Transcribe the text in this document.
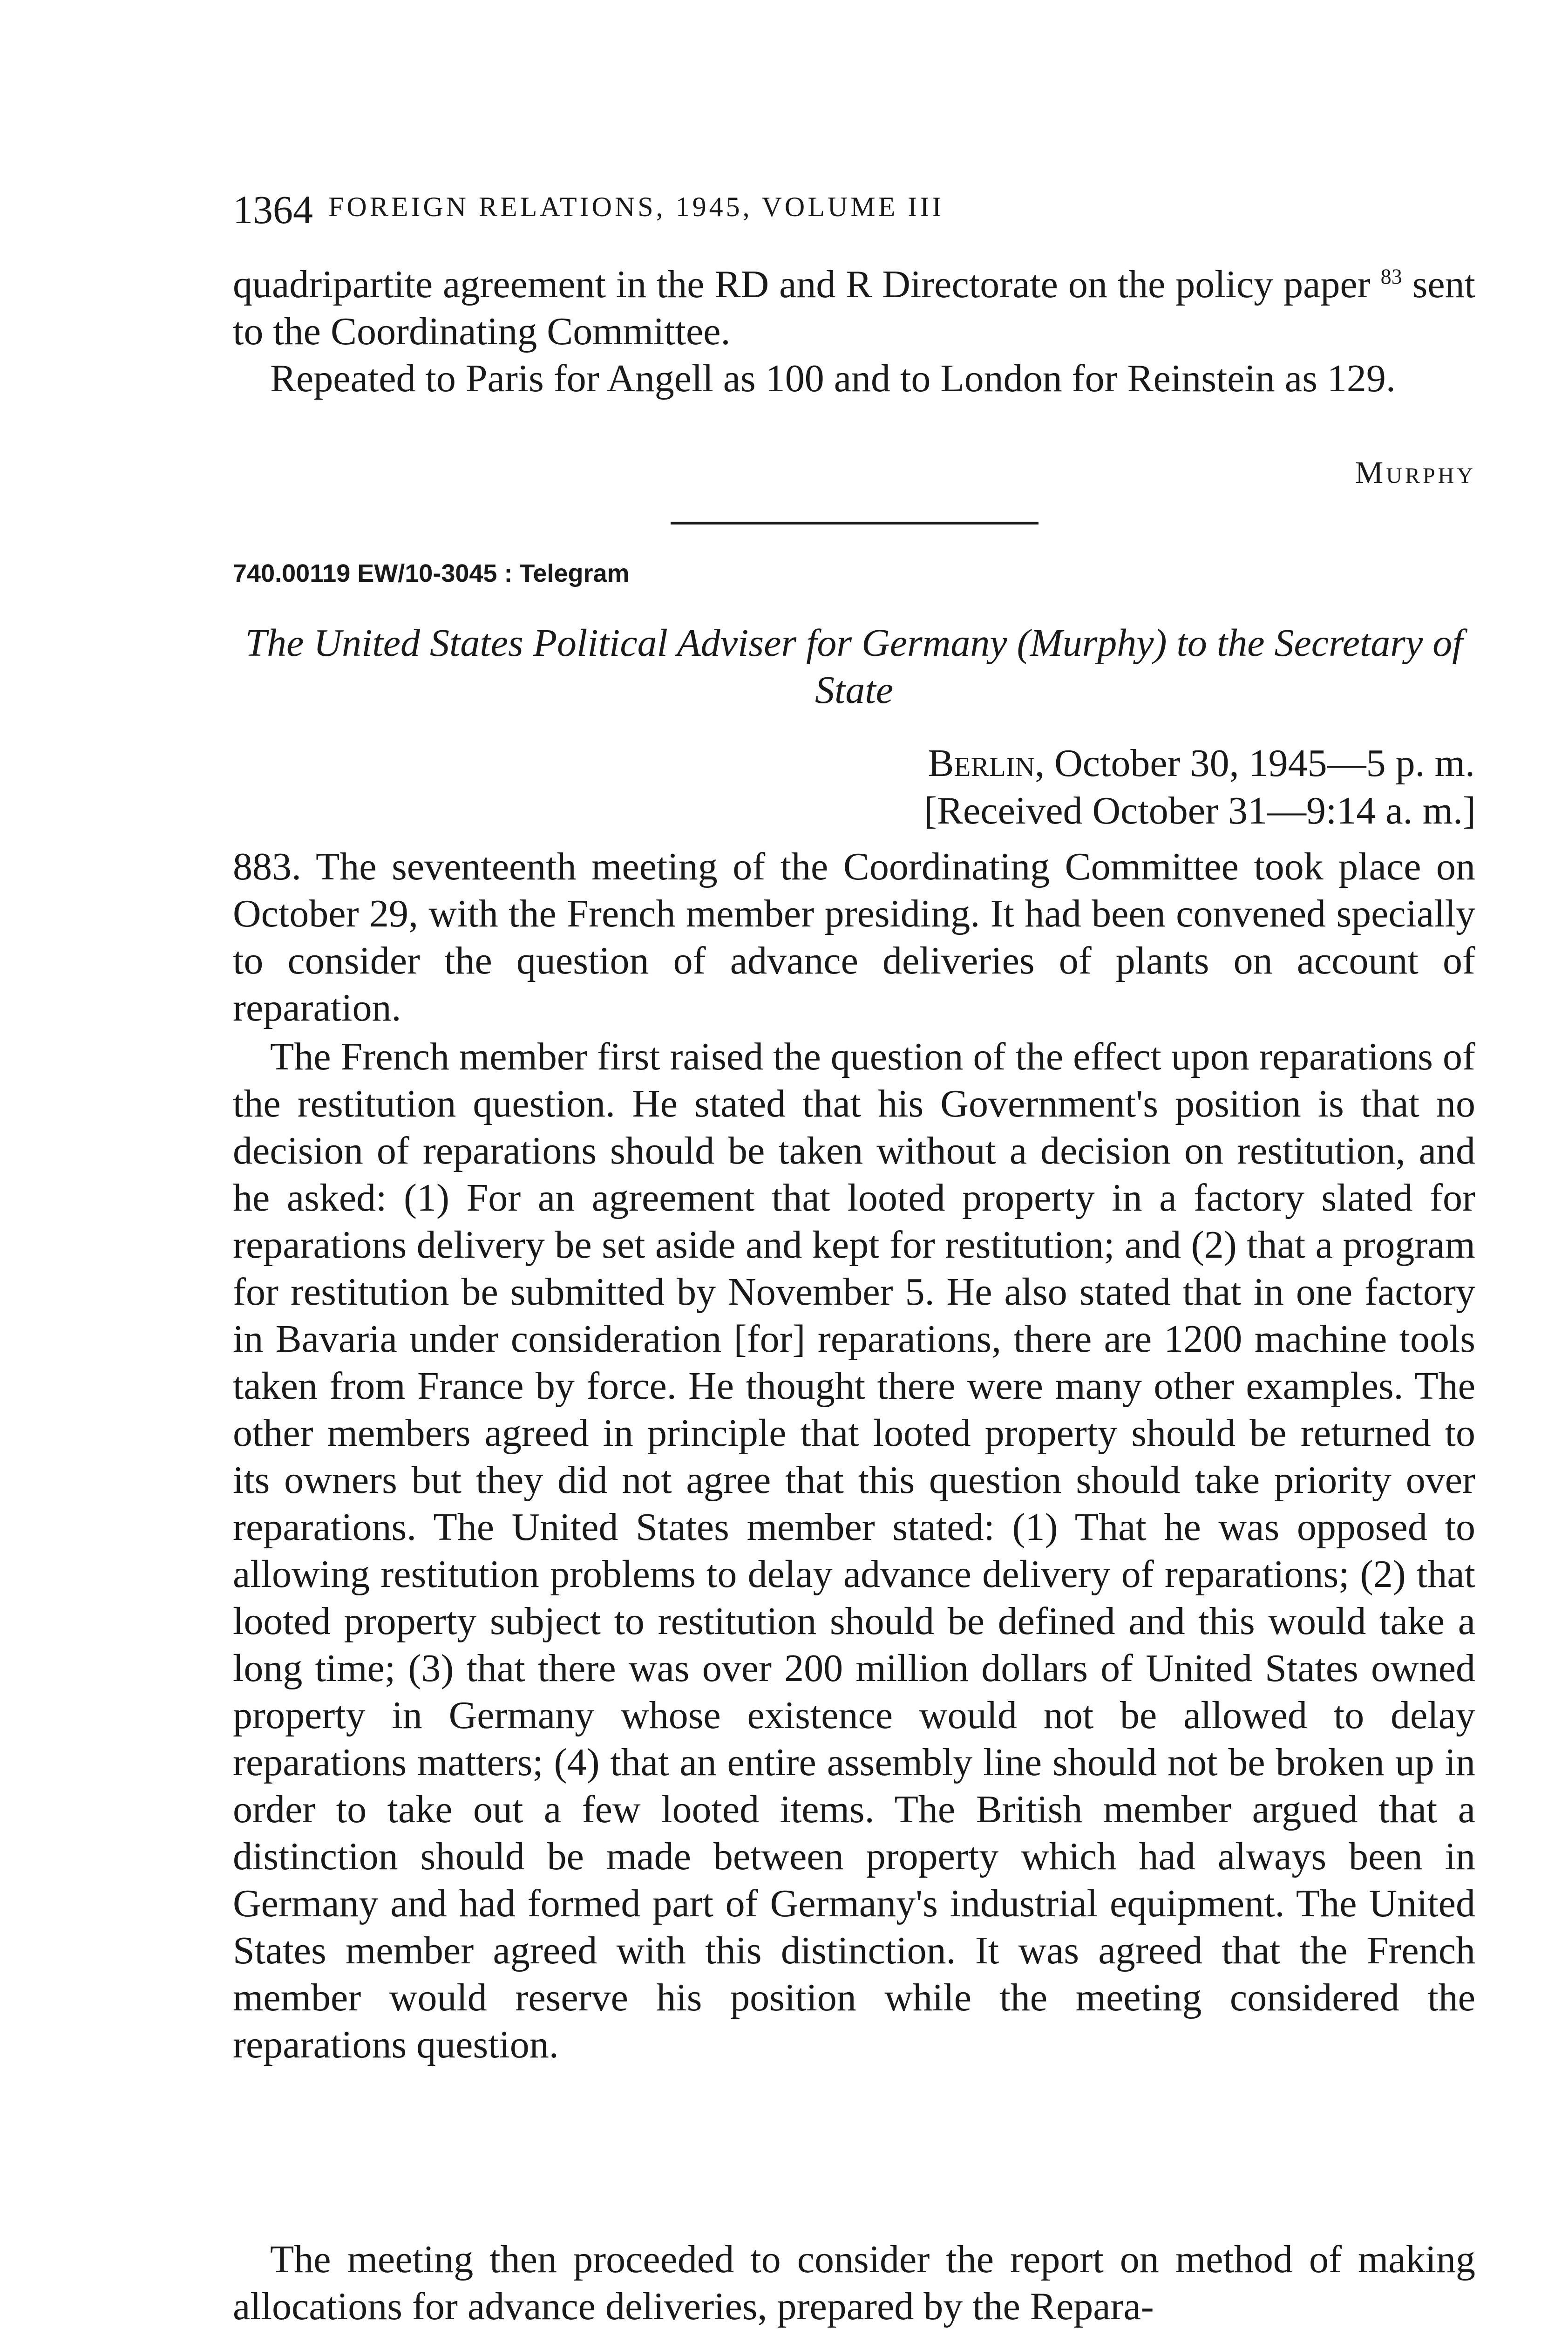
1364 FOREIGN RELATIONS, 1945, VOLUME III
quadripartite agreement in the RD and R Directorate on the policy paper $^{83}$ sent to the Coordinating Committee.
Repeated to Paris for Angell as 100 and to London for Reinstein as 129.
Murphy
740.00119 EW/10-3045 : Telegram
The United States Political Adviser for Germany (Murphy) to the Secretary of State
Berlin, October 30, 1945—5 p. m.
[Received October 31—9:14 a. m.]
883. The seventeenth meeting of the Coordinating Committee took place on October 29, with the French member presiding. It had been convened specially to consider the question of advance deliveries of plants on account of reparation.
The French member first raised the question of the effect upon reparations of the restitution question. He stated that his Government's position is that no decision of reparations should be taken without a decision on restitution, and he asked: (1) For an agreement that looted property in a factory slated for reparations delivery be set aside and kept for restitution; and (2) that a program for restitution be submitted by November 5. He also stated that in one factory in Bavaria under consideration [for] reparations, there are 1200 machine tools taken from France by force. He thought there were many other examples. The other members agreed in principle that looted property should be returned to its owners but they did not agree that this question should take priority over reparations. The United States member stated: (1) That he was opposed to allowing restitution problems to delay advance delivery of reparations; (2) that looted property subject to restitution should be defined and this would take a long time; (3) that there was over 200 million dollars of United States owned property in Germany whose existence would not be allowed to delay reparations matters; (4) that an entire assembly line should not be broken up in order to take out a few looted items. The British member argued that a distinction should be made between property which had always been in Germany and had formed part of Germany's industrial equipment. The United States member agreed with this distinction. It was agreed that the French member would reserve his position while the meeting considered the reparations question.
The meeting then proceeded to consider the report on method of making allocations for advance deliveries, prepared by the Repara-
